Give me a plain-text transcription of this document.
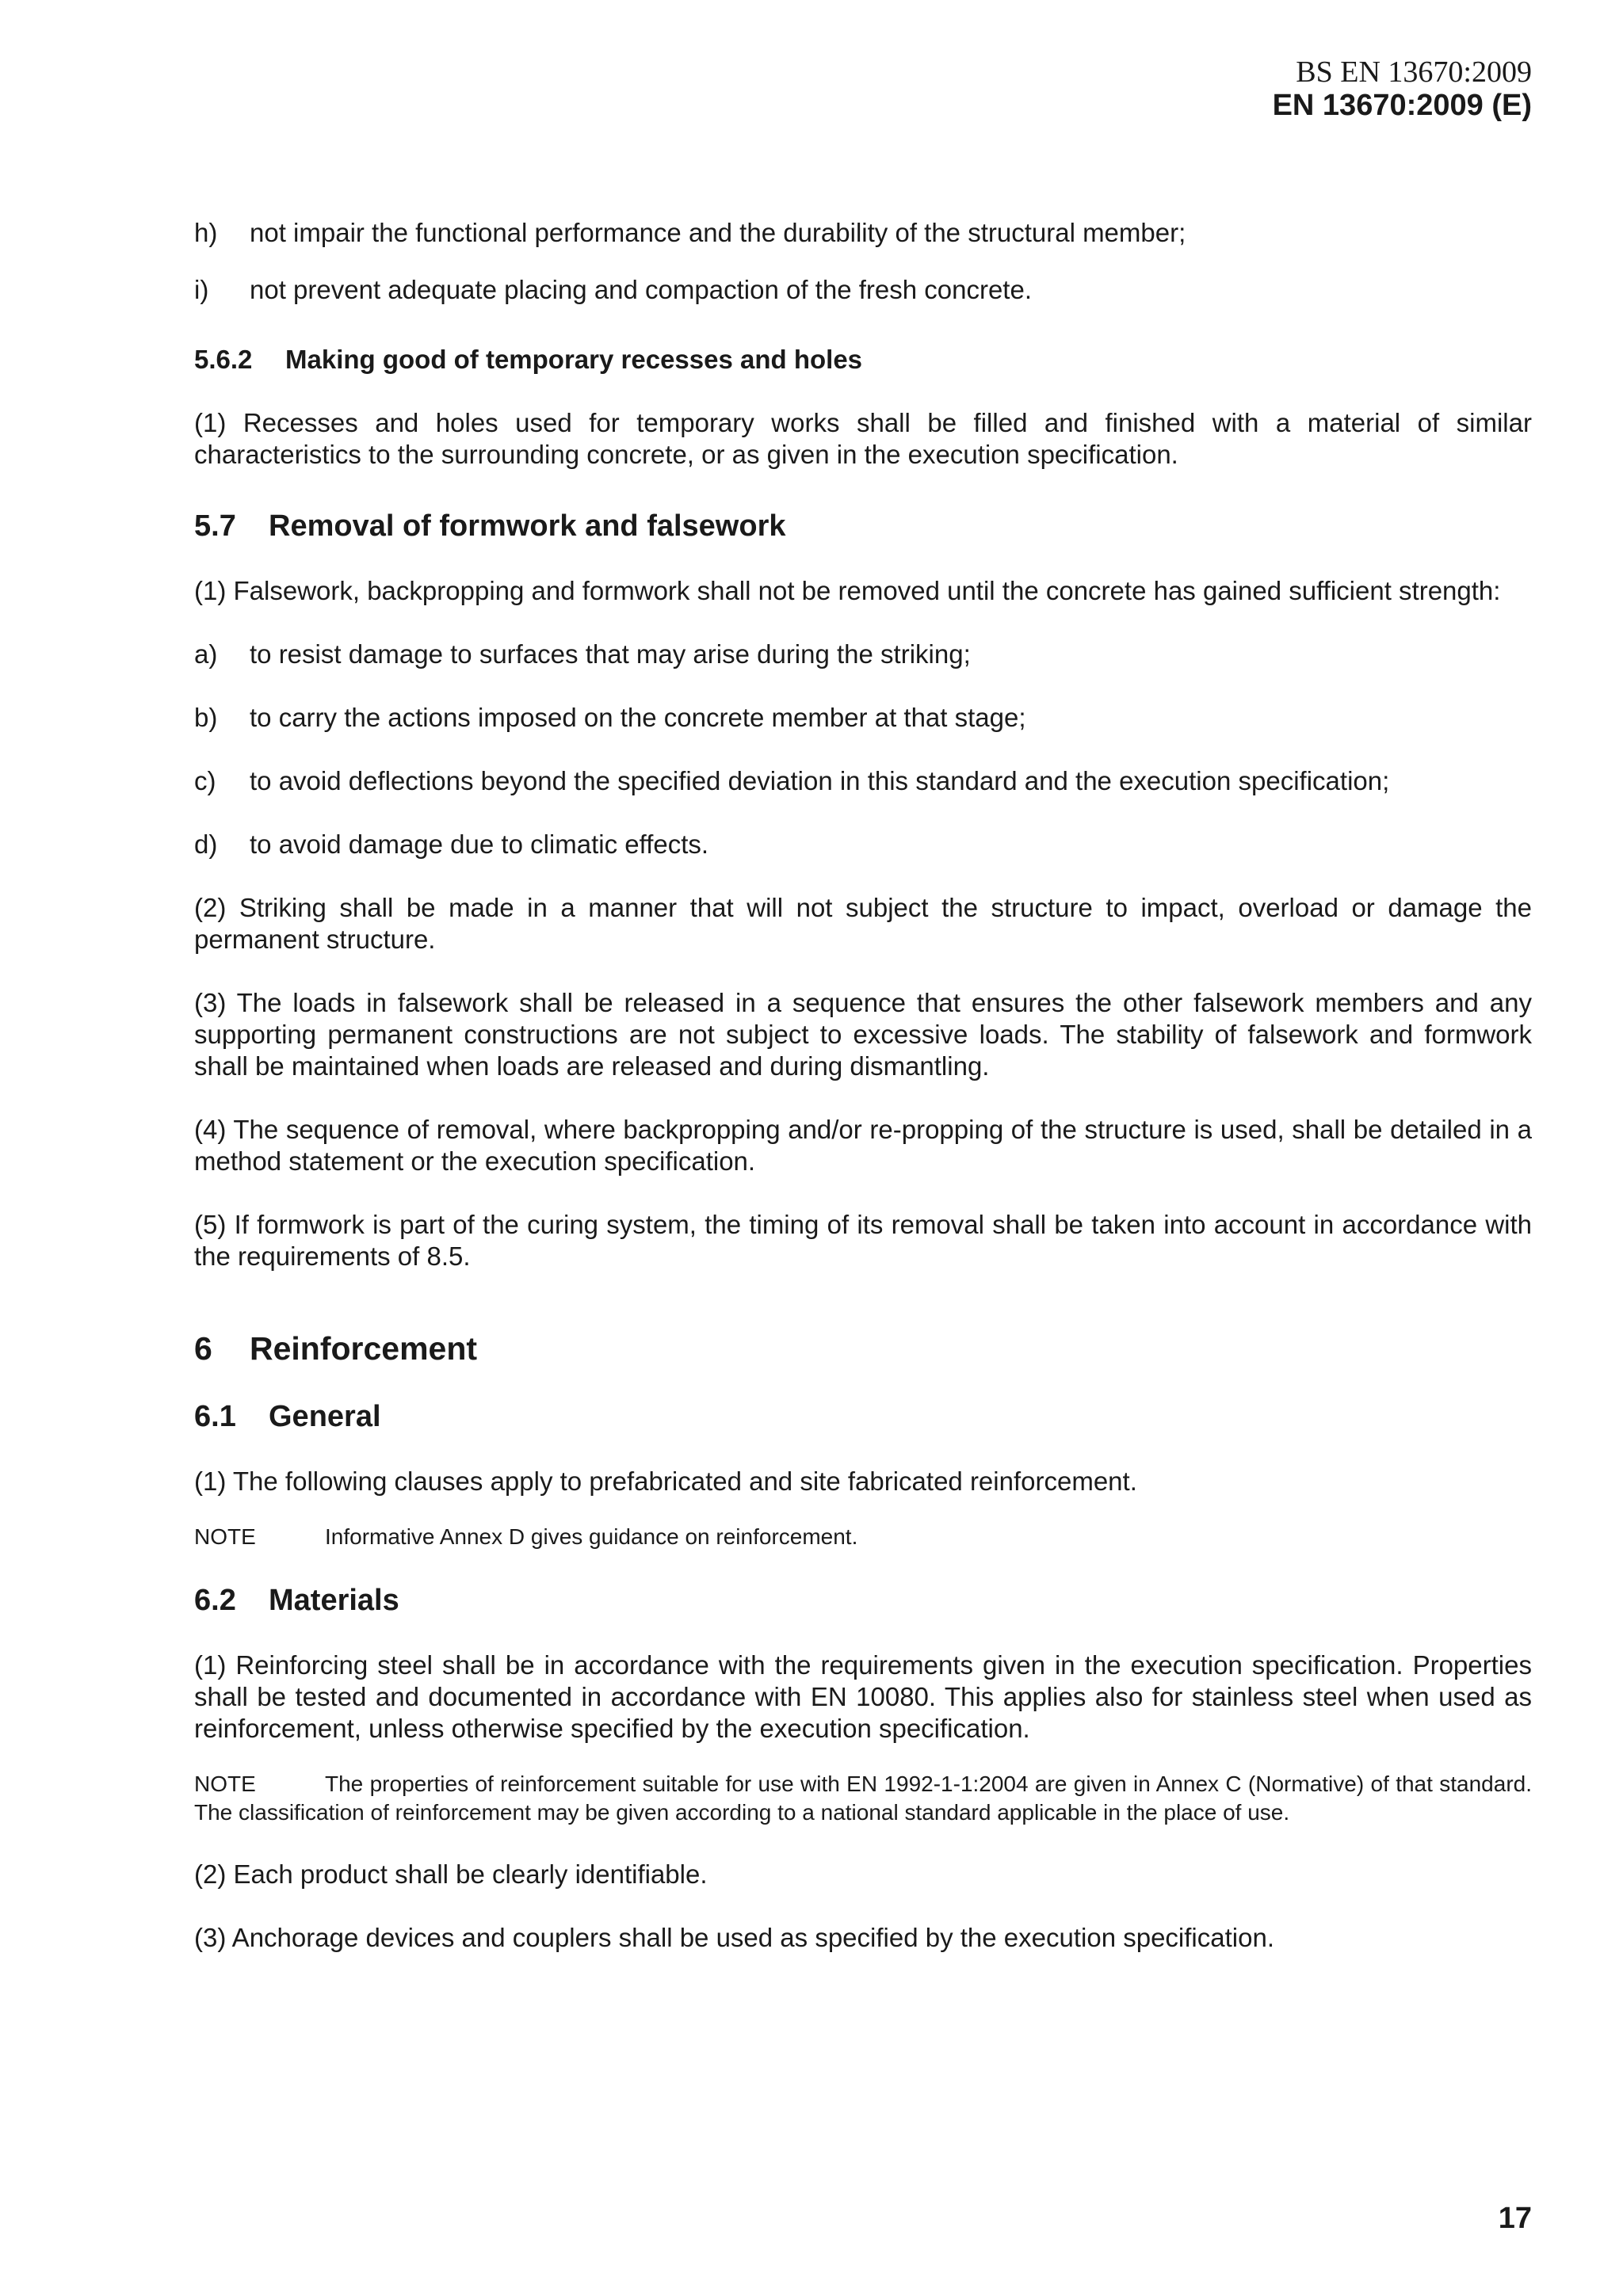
BS EN 13670:2009
EN 13670:2009 (E)
h)	not impair the functional performance and the durability of the structural member;
i)	not prevent adequate placing and compaction of the fresh concrete.
5.6.2	Making good of temporary recesses and holes

(1) Recesses and holes used for temporary works shall be filled and finished with a material of similar characteristics to the surrounding concrete, or as given in the execution specification.

5.7	Removal of formwork and falsework

(1) Falsework, backpropping and formwork shall not be removed until the concrete has gained sufficient strength:

a)	to resist damage to surfaces that may arise during the striking;
b)	to carry the actions imposed on the concrete member at that stage;
c)	to avoid deflections beyond the specified deviation in this standard and the execution specification;
d)	to avoid damage due to climatic effects.

(2) Striking shall be made in a manner that will not subject the structure to impact, overload or damage the permanent structure.

(3) The loads in falsework shall be released in a sequence that ensures the other falsework members and any supporting permanent constructions are not subject to excessive loads. The stability of falsework and formwork shall be maintained when loads are released and during dismantling.

(4) The sequence of removal, where backpropping and/or re-propping of the structure is used, shall be detailed in a method statement or the execution specification.

(5) If formwork is part of the curing system, the timing of its removal shall be taken into account in accordance with the requirements of 8.5.

6	Reinforcement
6.1	General

(1) The following clauses apply to prefabricated and site fabricated reinforcement.

NOTE	Informative Annex D gives guidance on reinforcement.

6.2	Materials

(1) Reinforcing steel shall be in accordance with the requirements given in the execution specification. Properties shall be tested and documented in accordance with EN 10080. This applies also for stainless steel when used as reinforcement, unless otherwise specified by the execution specification.

NOTE	The properties of reinforcement suitable for use with EN 1992-1-1:2004 are given in Annex C (Normative) of that standard. The classification of reinforcement may be given according to a national standard applicable in the place of use.

(2) Each product shall be clearly identifiable.

(3) Anchorage devices and couplers shall be used as specified by the execution specification.

17
